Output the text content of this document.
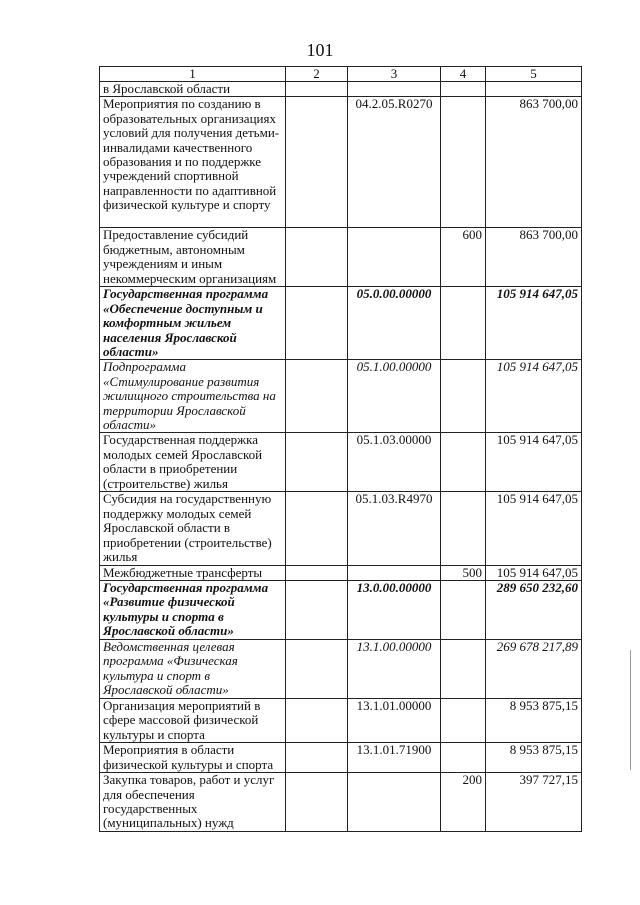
101
1	2	3	4	5
в Ярославской области				
Мероприятия по созданию в образовательных организациях условий для получения детьми-инвалидами качественного образования и по поддержке учреждений спортивной направленности по адаптивной физической культуре и спорту		04.2.05.R0270		863 700,00
Предоставление субсидий бюджетным, автономным учреждениям и иным некоммерческим организациям			600	863 700,00
Государственная программа «Обеспечение доступным и комфортным жильем населения Ярославской области»		05.0.00.00000		105 914 647,05
Подпрограмма «Стимулирование развития жилищного строительства на территории Ярославской области»		05.1.00.00000		105 914 647,05
Государственная поддержка молодых семей Ярославской области в приобретении (строительстве) жилья		05.1.03.00000		105 914 647,05
Субсидия на государственную поддержку молодых семей Ярославской области в приобретении (строительстве) жилья		05.1.03.R4970		105 914 647,05
Межбюджетные трансферты			500	105 914 647,05
Государственная программа «Развитие физической культуры и спорта в Ярославской области»		13.0.00.00000		289 650 232,60
Ведомственная целевая программа «Физическая культура и спорт в Ярославской области»		13.1.00.00000		269 678 217,89
Организация мероприятий в сфере массовой физической культуры и спорта		13.1.01.00000		8 953 875,15
Мероприятия в области физической культуры и спорта		13.1.01.71900		8 953 875,15
Закупка товаров, работ и услуг для обеспечения государственных (муниципальных) нужд			200	397 727,15
